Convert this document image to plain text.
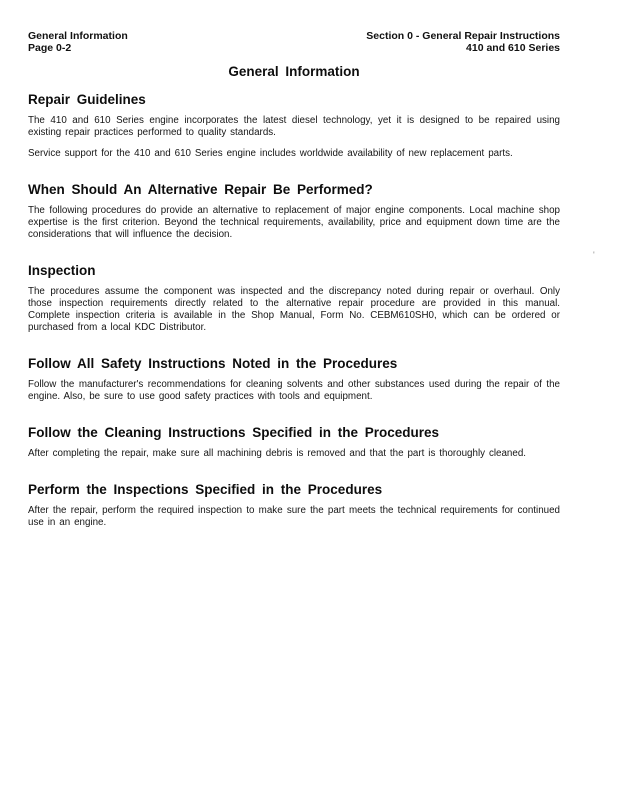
General Information
Page 0-2
Section 0 - General Repair Instructions
410 and 610 Series
General Information
Repair Guidelines

The 410 and 610 Series engine incorporates the latest diesel technology, yet it is designed to be repaired using existing repair practices performed to quality standards.

Service support for the 410 and 610 Series engine includes worldwide availability of new replacement parts.

When Should An Alternative Repair Be Performed?

The following procedures do provide an alternative to replacement of major engine components. Local machine shop expertise is the first criterion. Beyond the technical requirements, availability, price and equipment down time are the considerations that will influence the decision.

Inspection

The procedures assume the component was inspected and the discrepancy noted during repair or overhaul. Only those inspection requirements directly related to the alternative repair procedure are provided in this manual. Complete inspection criteria is available in the Shop Manual, Form No. CEBM610SH0, which can be ordered or purchased from a local KDC Distributor.

Follow All Safety Instructions Noted in the Procedures

Follow the manufacturer's recommendations for cleaning solvents and other substances used during the repair of the engine. Also, be sure to use good safety practices with tools and equipment.

Follow the Cleaning Instructions Specified in the Procedures

After completing the repair, make sure all machining debris is removed and that the part is thoroughly cleaned.

Perform the Inspections Specified in the Procedures

After the repair, perform the required inspection to make sure the part meets the technical requirements for continued use in an engine.

'
